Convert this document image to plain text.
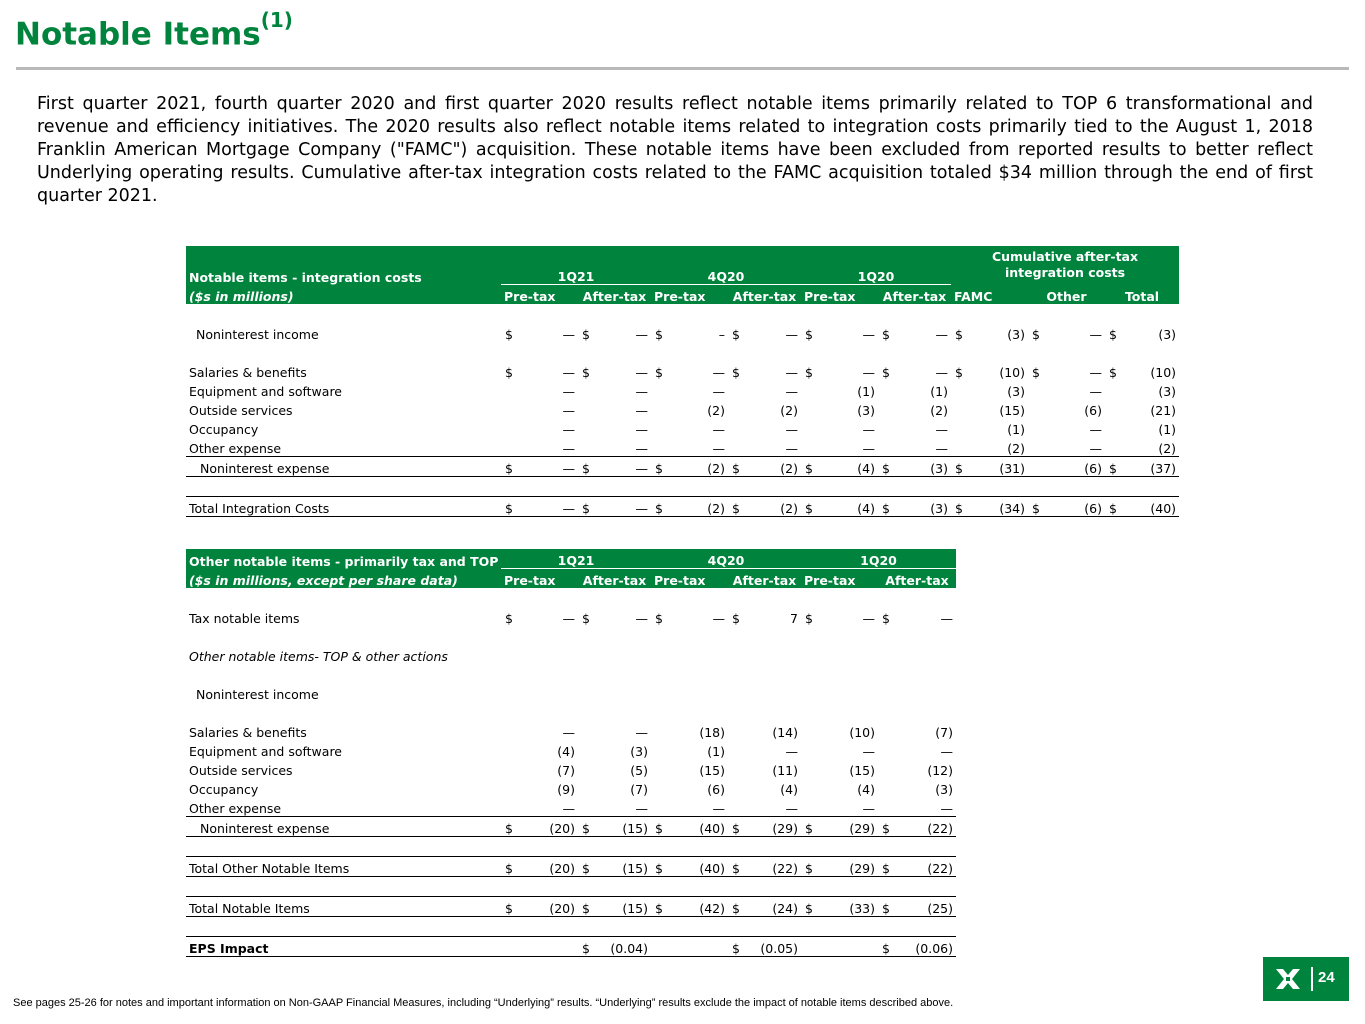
Notable Items$^{(1)}$
First quarter 2021, fourth quarter 2020 and first quarter 2020 results reflect notable items primarily related to TOP 6 transformational and revenue and efficiency initiatives. The 2020 results also reflect notable items related to integration costs primarily tied to the August 1, 2018 Franklin American Mortgage Company ("FAMC") acquisition. These notable items have been excluded from reported results to better reflect Underlying operating results. Cumulative after-tax integration costs related to the FAMC acquisition totaled $34 million through the end of first quarter 2021.
							Cumulative after-tax integration costs		
Notable items - integration costs	1Q21		4Q20		1Q20				
($s in millions)	Pre-tax	After-tax	Pre-tax	After-tax	Pre-tax	After-tax	FAMC	Other	Total

Noninterest income	$ —	$ —	$ –	$ —	$ —	$ —	$ (3)	$ —	$ (3)

Salaries & benefits	$ —	$ —	$ —	$ —	$ —	$ —	$ (10)	$ —	$ (10)
Equipment and software	—	—	—	—	(1)	(1)	(3)	—	(3)
Outside services	—	—	(2)	(2)	(3)	(2)	(15)	(6)	(21)
Occupancy	—	—	—	—	—	—	(1)	—	(1)
Other expense	—	—	—	—	—	—	(2)	—	(2)
Noninterest expense	$ —	$ —	$ (2)	$ (2)	$ (4)	$ (3)	$ (31)	(6)	$ (37)

Total Integration Costs	$ —	$ —	$ (2)	$ (2)	$ (4)	$ (3)	$ (34)	$ (6)	$ (40)
Other notable items - primarily tax and TOP	1Q21		4Q20		1Q20	
($s in millions, except per share data)	Pre-tax	After-tax	Pre-tax	After-tax	Pre-tax	After-tax

Tax notable items	$ —	$ —	$ —	$ 7	$ —	$ —

Other notable items- TOP & other actions						

Noninterest income						

Salaries & benefits	—	—	(18)	(14)	(10)	(7)
Equipment and software	(4)	(3)	(1)	—	—	—
Outside services	(7)	(5)	(15)	(11)	(15)	(12)
Occupancy	(9)	(7)	(6)	(4)	(4)	(3)
Other expense	—	—	—	—	—	—
Noninterest expense	$ (20)	$ (15)	$ (40)	$ (29)	$ (29)	$ (22)

Total Other Notable Items	$ (20)	$ (15)	$ (40)	$ (22)	$ (29)	$ (22)

Total Notable Items	$ (20)	$ (15)	$ (42)	$ (24)	$ (33)	$ (25)

EPS Impact		$ (0.04)		$ (0.05)		$ (0.06)
See pages 25-26 for notes and important information on Non-GAAP Financial Measures, including “Underlying” results. “Underlying” results exclude the impact of notable items described above.
24
